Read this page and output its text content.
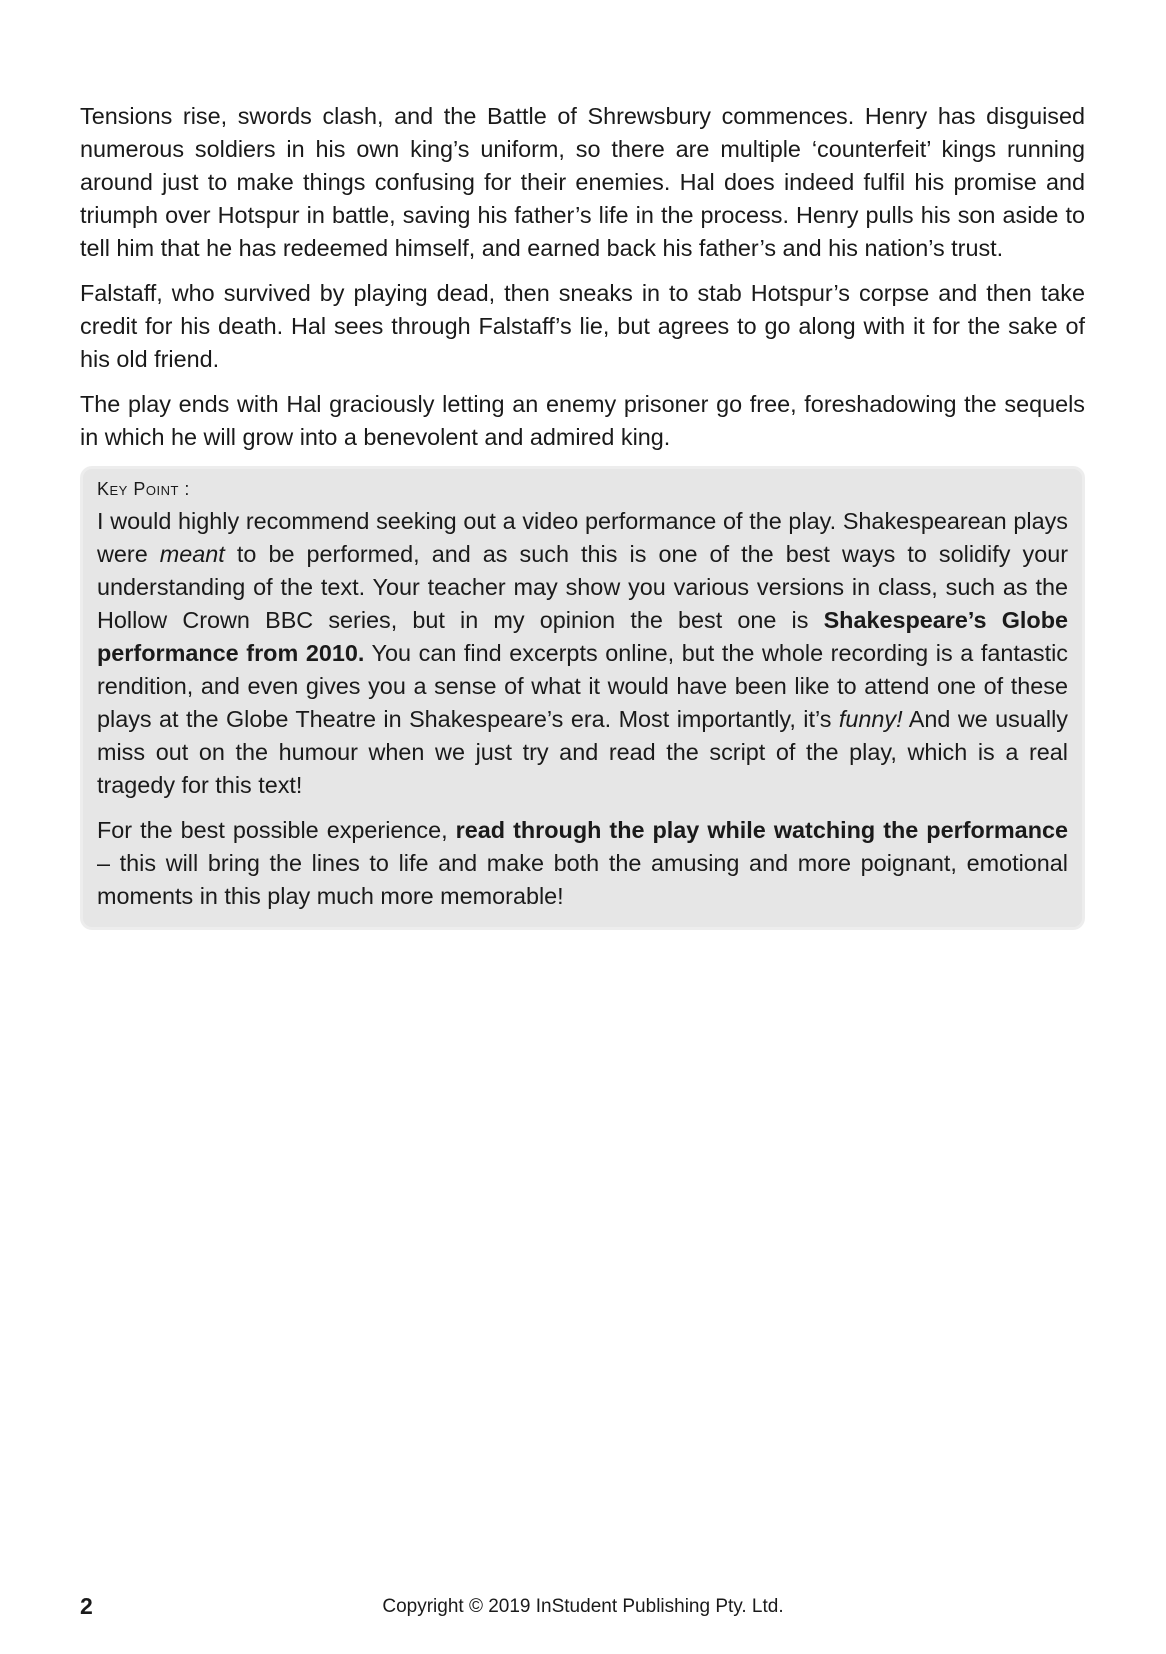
Tensions rise, swords clash, and the Battle of Shrewsbury commences. Henry has disguised numerous soldiers in his own king’s uniform, so there are multiple ‘counterfeit’ kings running around just to make things confusing for their enemies. Hal does indeed fulfil his promise and triumph over Hotspur in battle, saving his father’s life in the process. Henry pulls his son aside to tell him that he has redeemed himself, and earned back his father’s and his nation’s trust.

Falstaff, who survived by playing dead, then sneaks in to stab Hotspur’s corpse and then take credit for his death. Hal sees through Falstaff’s lie, but agrees to go along with it for the sake of his old friend.

The play ends with Hal graciously letting an enemy prisoner go free, foreshadowing the sequels in which he will grow into a benevolent and admired king.

Key Point :

I would highly recommend seeking out a video performance of the play. Shakespearean plays were meant to be performed, and as such this is one of the best ways to solidify your understanding of the text. Your teacher may show you various versions in class, such as the Hollow Crown BBC series, but in my opinion the best one is Shakespeare’s Globe performance from 2010. You can find excerpts online, but the whole recording is a fantastic rendition, and even gives you a sense of what it would have been like to attend one of these plays at the Globe Theatre in Shakespeare’s era. Most importantly, it’s funny! And we usually miss out on the humour when we just try and read the script of the play, which is a real tragedy for this text!

For the best possible experience, read through the play while watching the performance – this will bring the lines to life and make both the amusing and more poignant, emotional moments in this play much more memorable!

2	Copyright © 2019 InStudent Publishing Pty. Ltd.
